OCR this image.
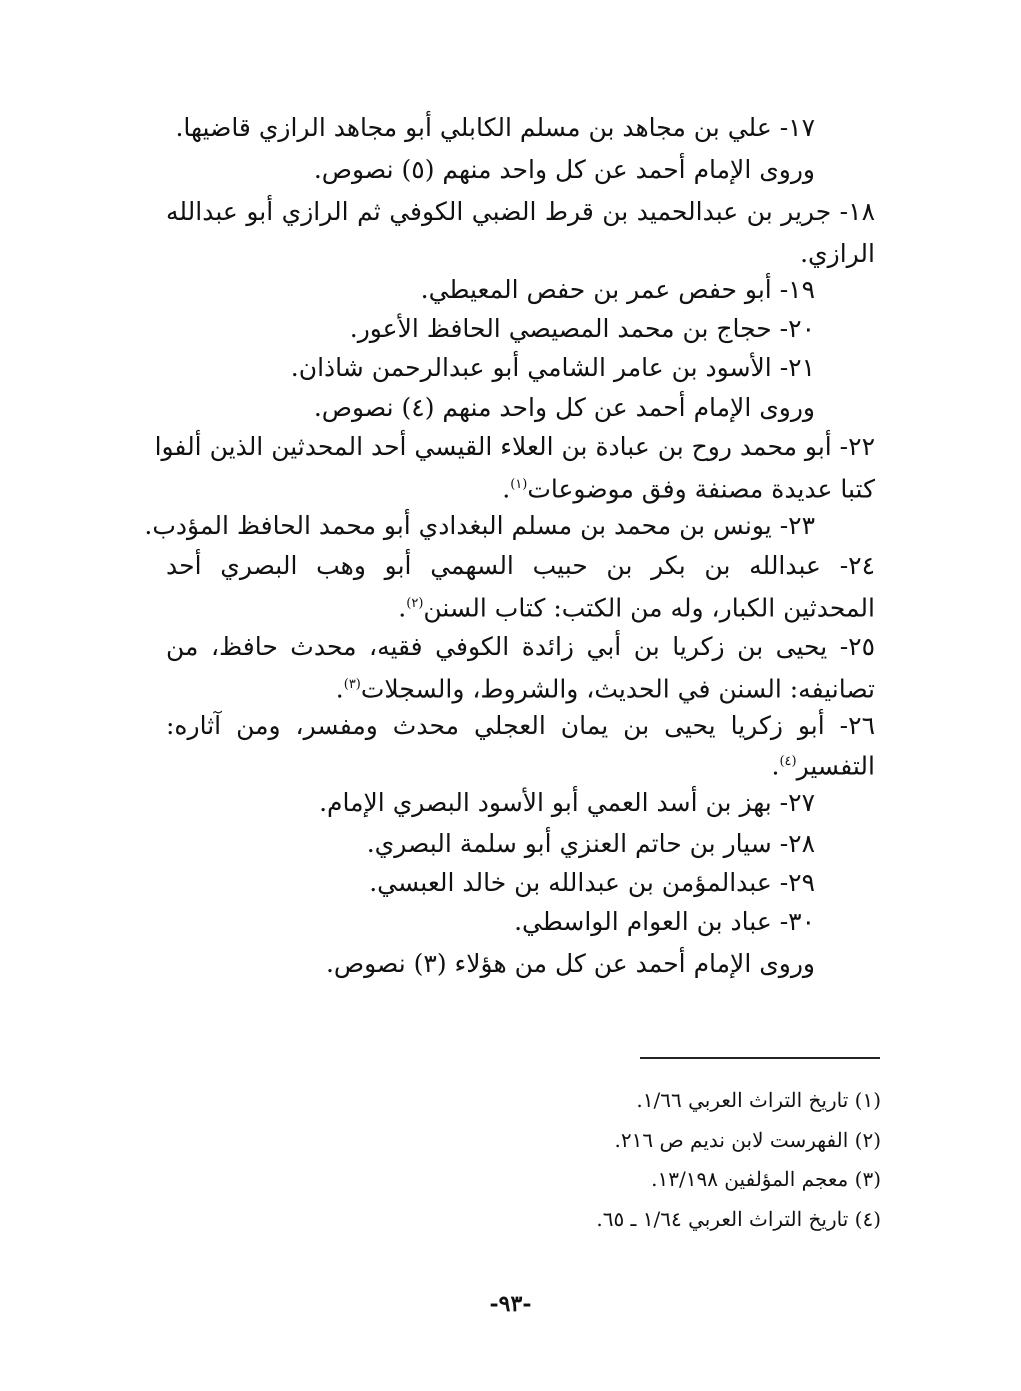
١٧- علي بن مجاهد بن مسلم الكابلي أبو مجاهد الرازي قاضيها.
وروى الإمام أحمد عن كل واحد منهم (٥) نصوص.
١٨- جرير بن عبدالحميد بن قرط الضبي الكوفي ثم الرازي أبو عبدالله
الرازي.
١٩- أبو حفص عمر بن حفص المعيطي.
٢٠- حجاج بن محمد المصيصي الحافظ الأعور.
٢١- الأسود بن عامر الشامي أبو عبدالرحمن شاذان.
وروى الإمام أحمد عن كل واحد منهم (٤) نصوص.
٢٢- أبو محمد روح بن عبادة بن العلاء القيسي أحد المحدثين الذين ألفوا
كتبا عديدة مصنفة وفق موضوعات$^{(١)}$.
٢٣- يونس بن محمد بن مسلم البغدادي أبو محمد الحافظ المؤدب.
٢٤- عبدالله بن بكر بن حبيب السهمي أبو وهب البصري أحد
المحدثين الكبار، وله من الكتب: كتاب السنن$^{(٢)}$.
٢٥- يحيى بن زكريا بن أبي زائدة الكوفي فقيه، محدث حافظ، من
تصانيفه: السنن في الحديث، والشروط، والسجلات$^{(٣)}$.
٢٦- أبو زكريا يحيى بن يمان العجلي محدث ومفسر، ومن آثاره:
التفسير$^{(٤)}$.
٢٧- بهز بن أسد العمي أبو الأسود البصري الإمام.
٢٨- سيار بن حاتم العنزي أبو سلمة البصري.
٢٩- عبدالمؤمن بن عبدالله بن خالد العبسي.
٣٠- عباد بن العوام الواسطي.
وروى الإمام أحمد عن كل من هؤلاء (٣) نصوص.
(١) تاريخ التراث العربي ١/٦٦.
(٢) الفهرست لابن نديم ص ٢١٦.
(٣) معجم المؤلفين ١٣/١٩٨.
(٤) تاريخ التراث العربي ١/٦٤ ـ ٦٥.
-٩٣-
